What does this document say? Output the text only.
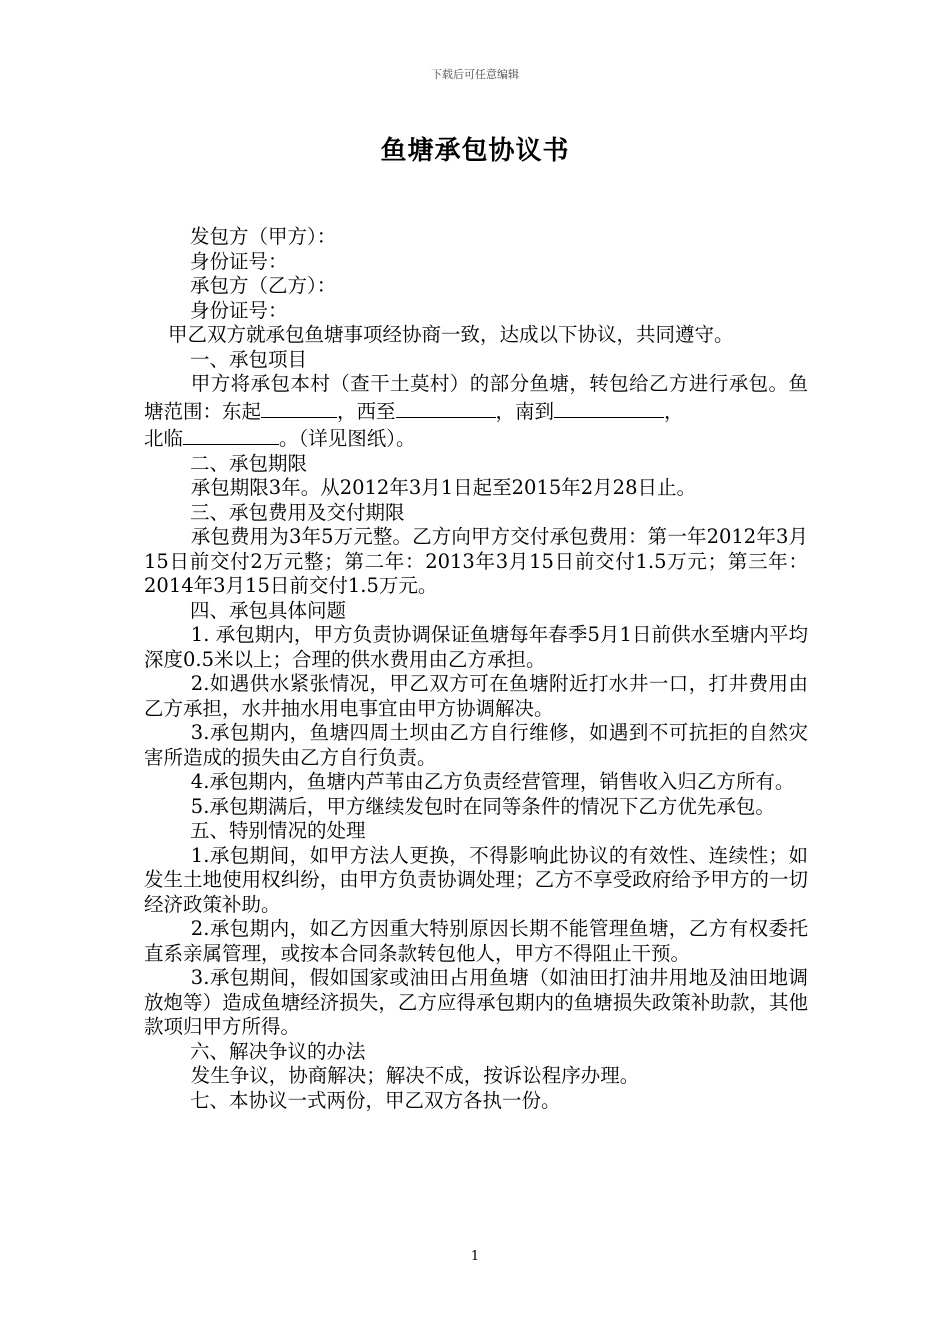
下载后可任意编辑
鱼塘承包协议书

发包方（甲方）：

身份证号：

承包方（乙方）：

身份证号：

甲乙双方就承包鱼塘事项经协商一致，达成以下协议，共同遵守。

一、承包项目

甲方将承包本村（查干土莫村）的部分鱼塘，转包给乙方进行承包。鱼塘范围：东起	，西至	，南到	，

北临	。（详见图纸）。

二、承包期限

承包期限3年。从2012年3月1日起至2015年2月28日止。

三、承包费用及交付期限

承包费用为3年5万元整。乙方向甲方交付承包费用：第一年2012年3月15日前交付2万元整；第二年：2013年3月15日前交付1.5万元；第三年：2014年3月15日前交付1.5万元。

四、承包具体问题

1. 承包期内，甲方负责协调保证鱼塘每年春季5月1日前供水至塘内平均深度0.5米以上；合理的供水费用由乙方承担。

2.如遇供水紧张情况，甲乙双方可在鱼塘附近打水井一口，打井费用由乙方承担，水井抽水用电事宜由甲方协调解决。

3.承包期内，鱼塘四周土坝由乙方自行维修，如遇到不可抗拒的自然灾害所造成的损失由乙方自行负责。

4.承包期内，鱼塘内芦苇由乙方负责经营管理，销售收入归乙方所有。

5.承包期满后，甲方继续发包时在同等条件的情况下乙方优先承包。

五、特别情况的处理

1.承包期间，如甲方法人更换，不得影响此协议的有效性、连续性；如发生土地使用权纠纷，由甲方负责协调处理；乙方不享受政府给予甲方的一切经济政策补助。

2.承包期内，如乙方因重大特别原因长期不能管理鱼塘，乙方有权委托直系亲属管理，或按本合同条款转包他人，甲方不得阻止干预。

3.承包期间，假如国家或油田占用鱼塘（如油田打油井用地及油田地调放炮等）造成鱼塘经济损失，乙方应得承包期内的鱼塘损失政策补助款，其他款项归甲方所得。

六、解决争议的办法

发生争议，协商解决；解决不成，按诉讼程序办理。

七、本协议一式两份，甲乙双方各执一份。

1
